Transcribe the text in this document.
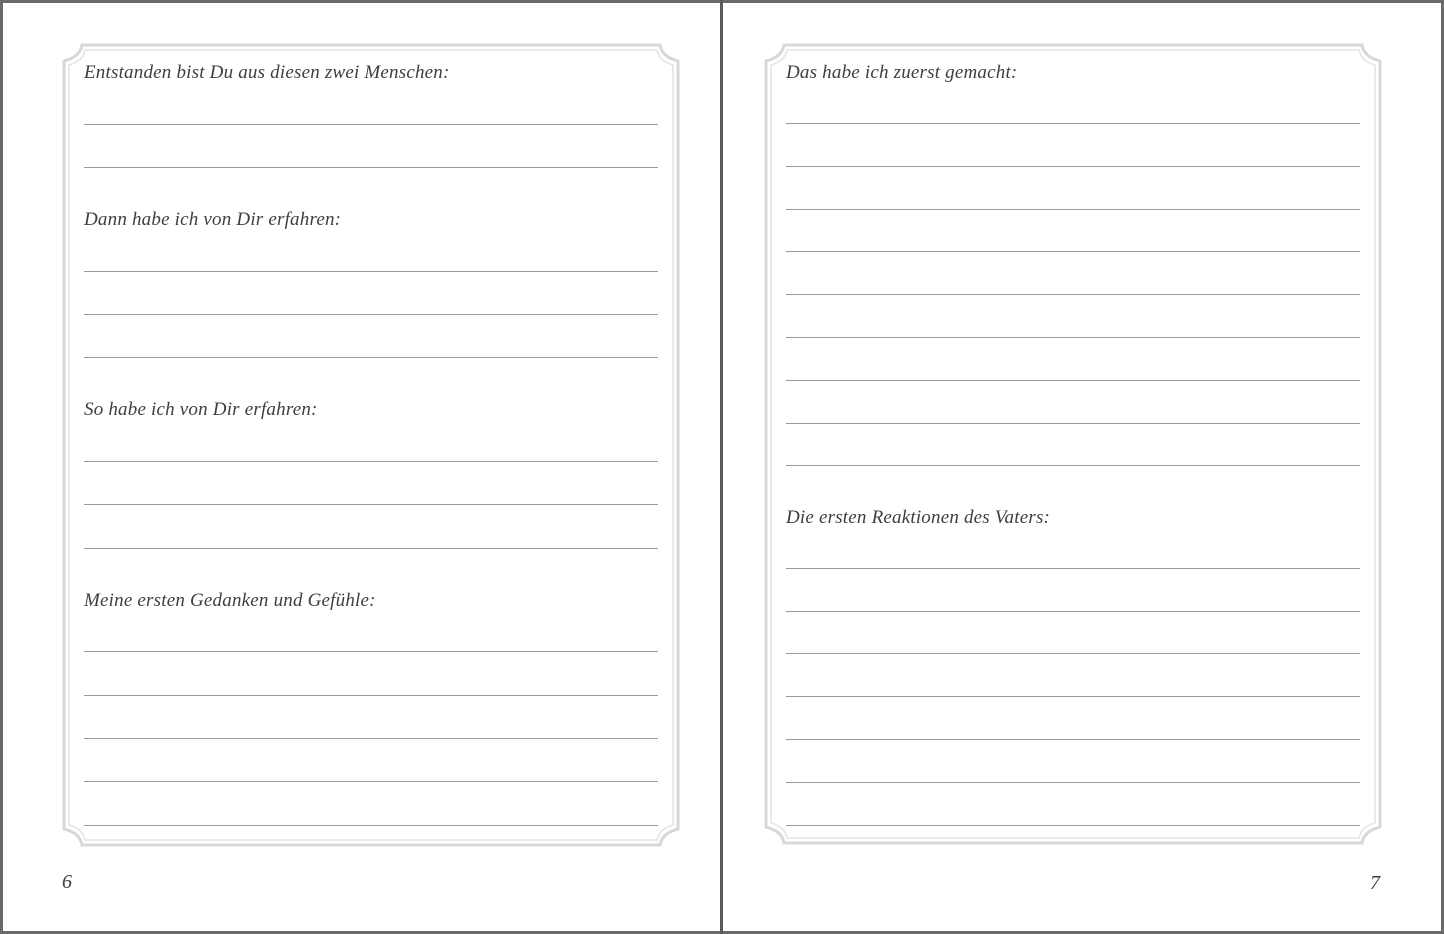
Entstanden bist Du aus diesen zwei Menschen:
Dann habe ich von Dir erfahren:
So habe ich von Dir erfahren:
Meine ersten Gedanken und Gefühle:
6
Das habe ich zuerst gemacht:
Die ersten Reaktionen des Vaters:
7
